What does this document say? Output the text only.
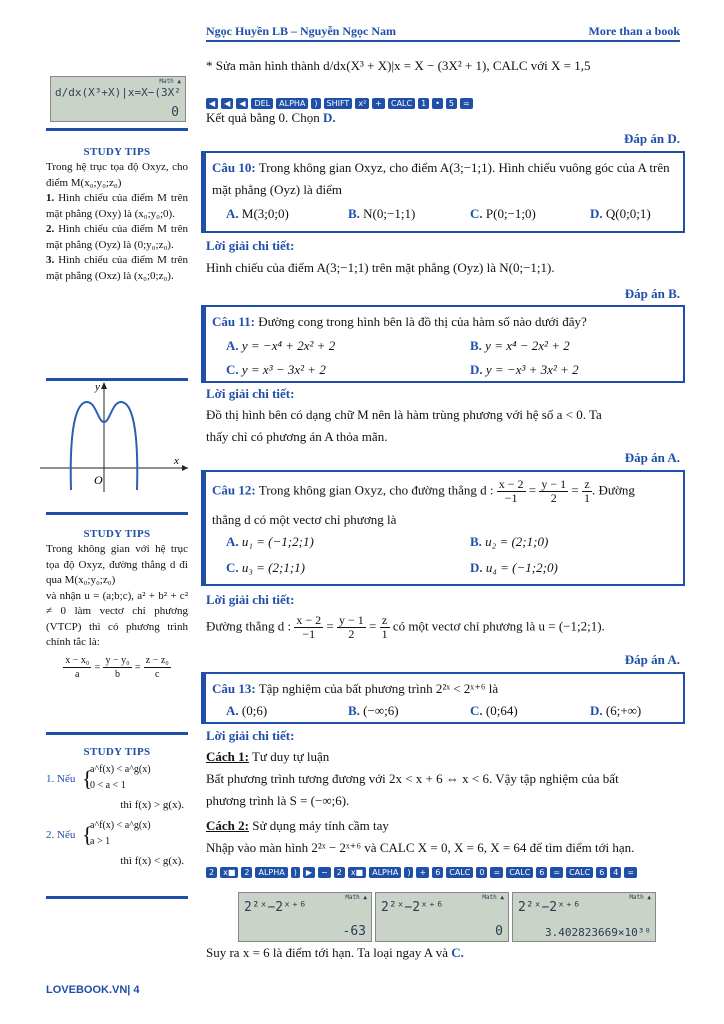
Ngọc Huyền LB – Nguyễn Ngọc Nam	More than a book
Math ▲
d/dx(X³+X)|x=X−(3X²
0
STUDY TIPS

Trong hệ trục tọa độ Oxyz, cho điểm M(x₀;y₀;z₀)

1. Hình chiếu của điểm M trên mặt phẳng (Oxy) là (x₀;y₀;0).

2. Hình chiếu của điểm M trên mặt phẳng (Oyz) là (0;y₀;z₀).

3. Hình chiếu của điểm M trên mặt phẳng (Oxz) là (x₀;0;z₀).

x
y
O
STUDY TIPS

Trong không gian với hệ trục tọa độ Oxyz, đường thẳng d đi qua M(x₀;y₀;z₀)

và nhận u = (a;b;c), a² + b² + c² ≠ 0 làm vectơ chỉ phương (VTCP) thì có phương trình chính tắc là:

$\frac{\text{x − x₀}}{a} = \frac{\text{y − y₀}}{b} = \frac{\text{z − z₀}}{c}$
STUDY TIPS
1. Nếu {
a^f(x) < a^g(x)
0 < a < 1
thì f(x) > g(x).
2. Nếu {
a^f(x) < a^g(x)
a > 1
thì f(x) < g(x).
* Sửa màn hình thành d/dx(X³ + X)|x = X − (3X² + 1), CALC với X = 1,5
◀ ◀ ◀ DEL ALPHA ) SHIFT x² + CALC 1 • 5 =
Kết quả bằng 0. Chọn D.
Đáp án D.
Câu 10: Trong không gian Oxyz, cho điểm A(3;−1;1). Hình chiếu vuông góc của A trên mặt phẳng (Oyz) là điểm
A. M(3;0;0)	B. N(0;−1;1)	C. P(0;−1;0)	D. Q(0;0;1)
Lời giải chi tiết:
Hình chiếu của điểm A(3;−1;1) trên mặt phẳng (Oyz) là N(0;−1;1).
Đáp án B.
Câu 11: Đường cong trong hình bên là đồ thị của hàm số nào dưới đây?
A. y = −x⁴ + 2x² + 2	B. y = x⁴ − 2x² + 2
C. y = x³ − 3x² + 2	D. y = −x³ + 3x² + 2
Lời giải chi tiết:
Đồ thị hình bên có dạng chữ M nên là hàm trùng phương với hệ số a < 0. Ta
thấy chỉ có phương án A thỏa mãn.
Đáp án A.
Câu 12: Trong không gian Oxyz, cho đường thẳng d : $\frac{x - 2}{-1} = \frac{y - 1}{2} = \frac{z}{1}$ . Đường
thẳng d có một vectơ chỉ phương là
A. u₁ = (−1;2;1)	B. u₂ = (2;1;0)
C. u₃ = (2;1;1)	D. u₄ = (−1;2;0)
Lời giải chi tiết:
Đường thẳng d : $\frac{x - 2}{-1} = \frac{y - 1}{2} = \frac{z}{1}$ có một vectơ chỉ phương là u = (−1;2;1).
Đáp án A.
Câu 13: Tập nghiệm của bất phương trình 2²ˣ < 2ˣ⁺⁶ là
A. (0;6)	B. (−∞;6)	C. (0;64)	D. (6;+∞)
Lời giải chi tiết:
Cách 1: Tư duy tự luận
Bất phương trình tương đương với 2x < x + 6 ⇔ x < 6. Vậy tập nghiệm của bất
phương trình là S = (−∞;6).
Cách 2: Sử dụng máy tính cầm tay
Nhập vào màn hình 2²ˣ − 2ˣ⁺⁶ và CALC X = 0, X = 6, X = 64 để tìm điểm tới hạn.
2 x■ 2 ALPHA ) ▶ − 2 x■ ALPHA ) + 6 CALC 0 = CALC 6 = CALC 6 4 =
Math ▲
2²ˣ−2ˣ⁺⁶
-63
Math ▲
2²ˣ−2ˣ⁺⁶
0
Math ▲
2²ˣ−2ˣ⁺⁶
3.402823669×10³⁸
Suy ra x = 6 là điểm tới hạn. Ta loại ngay A và C.
LOVEBOOK.VN| 4
